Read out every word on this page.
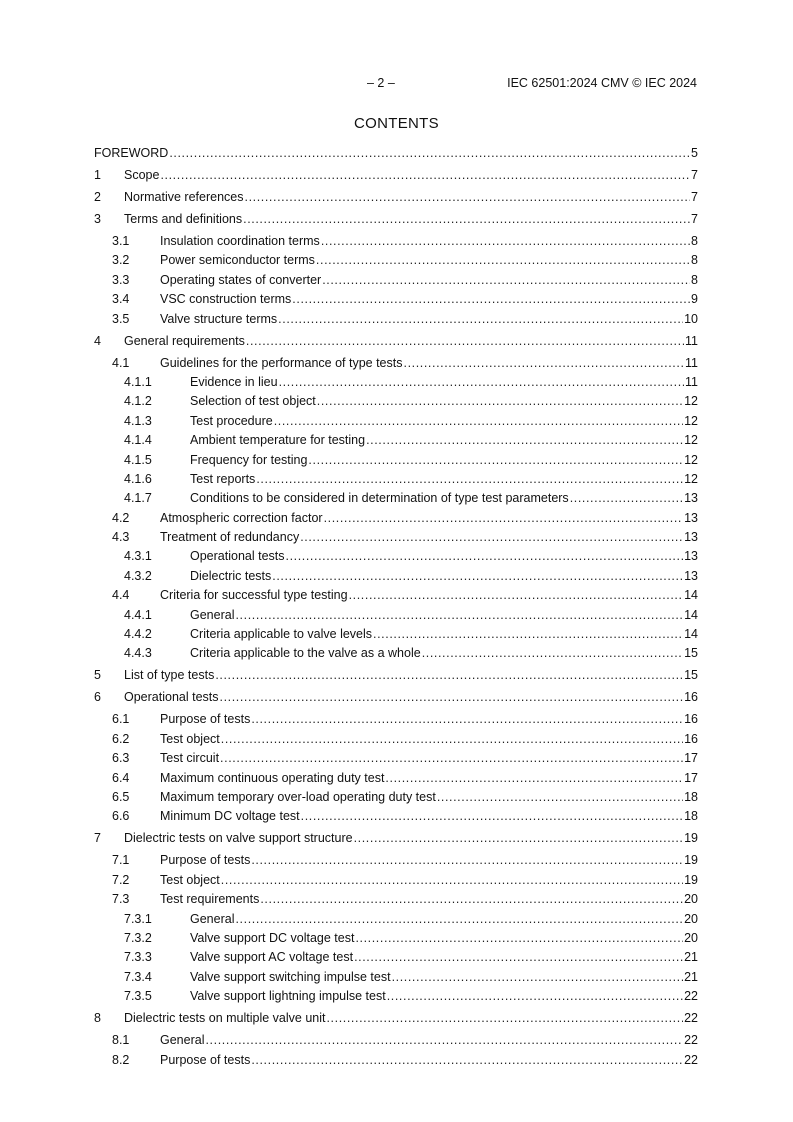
– 2 –	IEC 62501:2024 CMV © IEC 2024
CONTENTS
FOREWORD .....	5
1	Scope .....	7
2	Normative references .....	7
3	Terms and definitions .....	7
3.1	Insulation coordination terms .....	8
3.2	Power semiconductor terms .....	8
3.3	Operating states of converter .....	8
3.4	VSC construction terms .....	9
3.5	Valve structure terms .....	10
4	General requirements .....	11
4.1	Guidelines for the performance of type tests .....	11
4.1.1	Evidence in lieu .....	11
4.1.2	Selection of test object .....	12
4.1.3	Test procedure .....	12
4.1.4	Ambient temperature for testing .....	12
4.1.5	Frequency for testing .....	12
4.1.6	Test reports .....	12
4.1.7	Conditions to be considered in determination of type test parameters .....	13
4.2	Atmospheric correction factor .....	13
4.3	Treatment of redundancy .....	13
4.3.1	Operational tests .....	13
4.3.2	Dielectric tests .....	13
4.4	Criteria for successful type testing .....	14
4.4.1	General .....	14
4.4.2	Criteria applicable to valve levels .....	14
4.4.3	Criteria applicable to the valve as a whole .....	15
5	List of type tests .....	15
6	Operational tests .....	16
6.1	Purpose of tests .....	16
6.2	Test object .....	16
6.3	Test circuit .....	17
6.4	Maximum continuous operating duty test .....	17
6.5	Maximum temporary over-load operating duty test .....	18
6.6	Minimum DC voltage test .....	18
7	Dielectric tests on valve support structure .....	19
7.1	Purpose of tests .....	19
7.2	Test object .....	19
7.3	Test requirements .....	20
7.3.1	General .....	20
7.3.2	Valve support DC voltage test .....	20
7.3.3	Valve support AC voltage test .....	21
7.3.4	Valve support switching impulse test .....	21
7.3.5	Valve support lightning impulse test .....	22
8	Dielectric tests on multiple valve unit .....	22
8.1	General .....	22
8.2	Purpose of tests .....	22
